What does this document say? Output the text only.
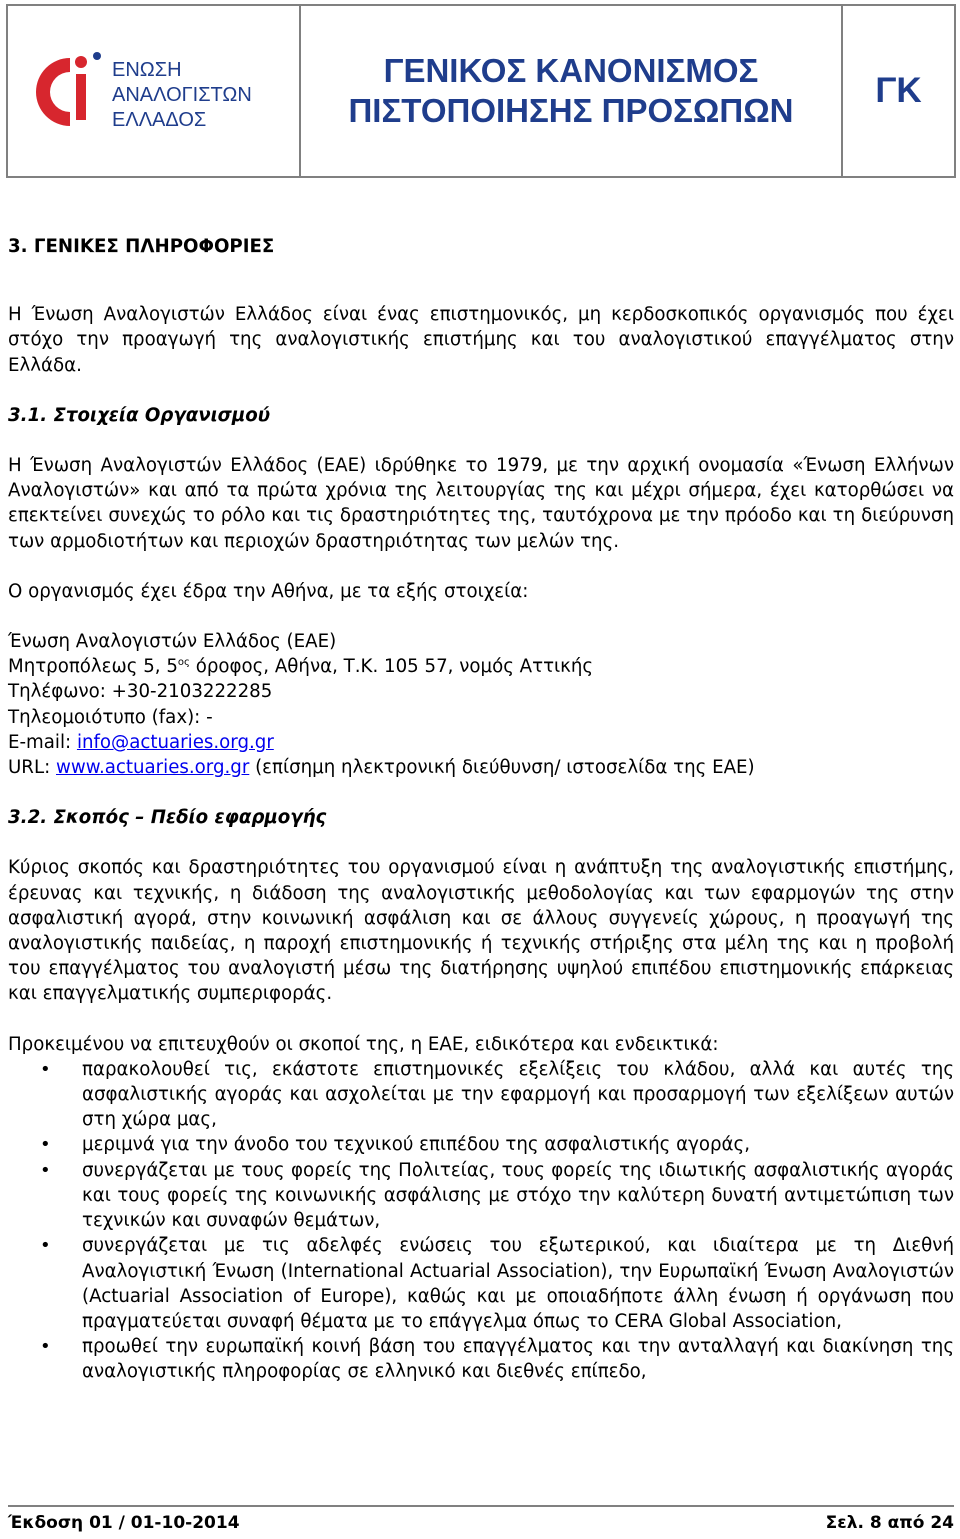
ΕΝΩΣΗ
ΑΝΑΛΟΓΙΣΤΩΝ
ΕΛΛΑΔΟΣ
ΓΕΝΙΚΟΣ ΚΑΝΟΝΙΣΜΟΣ
ΠΙΣΤΟΠΟΙΗΣΗΣ ΠΡΟΣΩΠΩΝ
ΓΚ

3. ΓΕΝΙΚΕΣ ΠΛΗΡΟΦΟΡΙΕΣ

Η Ένωση Αναλογιστών Ελλάδος είναι ένας επιστημονικός, μη κερδοσκοπικός οργανισμός που έχει στόχο την προαγωγή της αναλογιστικής επιστήμης και του αναλογιστικού επαγγέλματος στην Ελλάδα.

3.1. Στοιχεία Οργανισμού

Η Ένωση Αναλογιστών Ελλάδος (ΕΑΕ) ιδρύθηκε το 1979, με την αρχική ονομασία «Ένωση Ελλήνων Αναλογιστών» και από τα πρώτα χρόνια της λειτουργίας της και μέχρι σήμερα, έχει κατορθώσει να επεκτείνει συνεχώς το ρόλο και τις δραστηριότητες της, ταυτόχρονα με την πρόοδο και τη διεύρυνση των αρμοδιοτήτων και περιοχών δραστηριότητας των μελών της.

Ο οργανισμός έχει έδρα την Αθήνα, με τα εξής στοιχεία:

Ένωση Αναλογιστών Ελλάδος (ΕΑΕ)

Μητροπόλεως 5, $5^{o\varsigma}$ όροφος, Αθήνα, Τ.Κ. 105 57, νομός Αττικής

Τηλέφωνο: +30-2103222285

Τηλεομοιότυπο (fax): -

E-mail: info@actuaries.org.gr

URL: www.actuaries.org.gr (επίσημη ηλεκτρονική διεύθυνση/ ιστοσελίδα της ΕΑΕ)

3.2. Σκοπός – Πεδίο εφαρμογής

Κύριος σκοπός και δραστηριότητες του οργανισμού είναι η ανάπτυξη της αναλογιστικής επιστήμης, έρευνας και τεχνικής, η διάδοση της αναλογιστικής μεθοδολογίας και των εφαρμογών της στην ασφαλιστική αγορά, στην κοινωνική ασφάλιση και σε άλλους συγγενείς χώρους, η προαγωγή της αναλογιστικής παιδείας, η παροχή επιστημονικής ή τεχνικής στήριξης στα μέλη της και η προβολή του επαγγέλματος του αναλογιστή μέσω της διατήρησης υψηλού επιπέδου επιστημονικής επάρκειας και επαγγελματικής συμπεριφοράς.

Προκειμένου να επιτευχθούν οι σκοποί της, η ΕΑΕ, ειδικότερα και ενδεικτικά:

• παρακολουθεί τις, εκάστοτε επιστημονικές εξελίξεις του κλάδου, αλλά και αυτές της ασφαλιστικής αγοράς και ασχολείται με την εφαρμογή και προσαρμογή των εξελίξεων αυτών στη χώρα μας,
• μεριμνά για την άνοδο του τεχνικού επιπέδου της ασφαλιστικής αγοράς,
• συνεργάζεται με τους φορείς της Πολιτείας, τους φορείς της ιδιωτικής ασφαλιστικής αγοράς και τους φορείς της κοινωνικής ασφάλισης με στόχο την καλύτερη δυνατή αντιμετώπιση των τεχνικών και συναφών θεμάτων,
• συνεργάζεται με τις αδελφές ενώσεις του εξωτερικού, και ιδιαίτερα με τη Διεθνή Αναλογιστική Ένωση (International Actuarial Association), την Ευρωπαϊκή Ένωση Αναλογιστών (Actuarial Association of Europe), καθώς και με οποιαδήποτε άλλη ένωση ή οργάνωση που πραγματεύεται συναφή θέματα με το επάγγελμα όπως το CERA Global Association,
• προωθεί την ευρωπαϊκή κοινή βάση του επαγγέλματος και την ανταλλαγή και διακίνηση της αναλογιστικής πληροφορίας σε ελληνικό και διεθνές επίπεδο,
Έκδοση 01 / 01-10-2014	Σελ. 8 από 24
